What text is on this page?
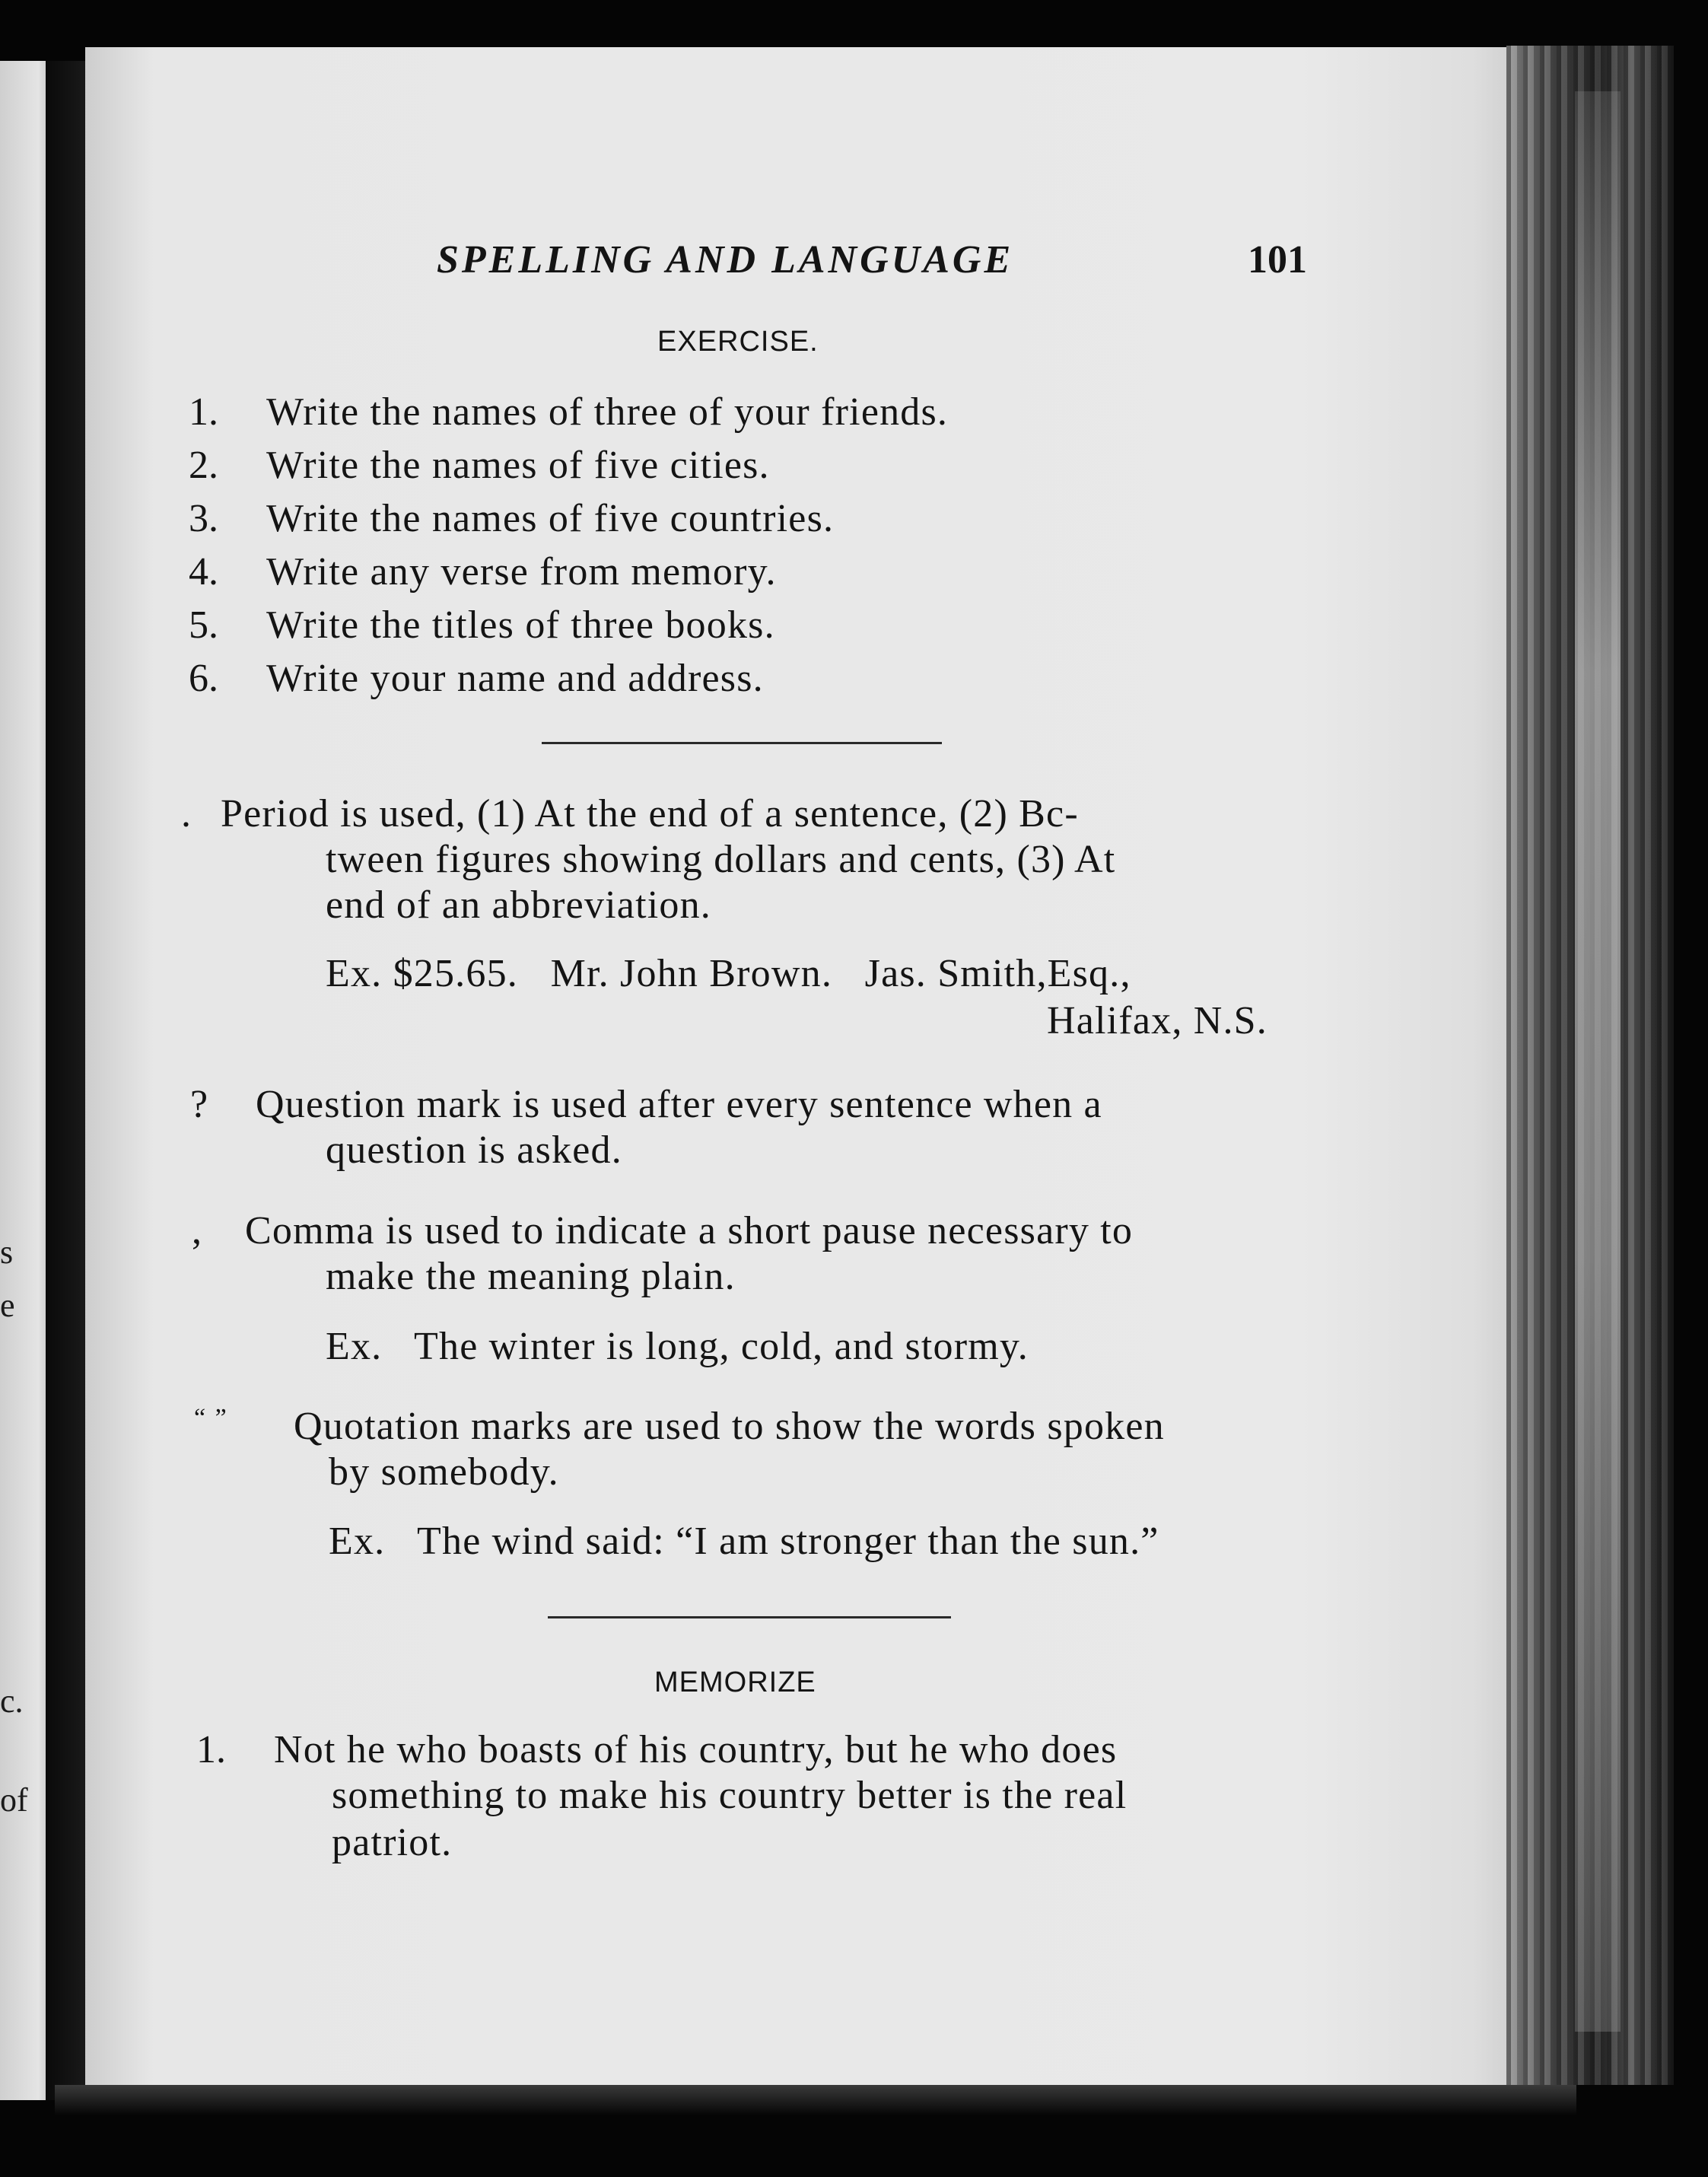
s
e
c.
of
SPELLING AND LANGUAGE	101
EXERCISE.
1. Write the names of three of your friends.
2. Write the names of five cities.
3. Write the names of five countries.
4. Write any verse from memory.
5. Write the titles of three books.
6. Write your name and address.
. Period is used, (1) At the end of a sentence, (2) Bc-
tween figures showing dollars and cents, (3) At
end of an abbreviation.
Ex. $25.65.   Mr. John Brown.   Jas. Smith,Esq.,
Halifax, N.S.
? Question mark is used after every sentence when a
question is asked.
, Comma is used to indicate a short pause necessary to
make the meaning plain.
Ex.   The winter is long, cold, and stormy.
“ ” Quotation marks are used to show the words spoken
by somebody.
Ex.   The wind said: “I am stronger than the sun.”
MEMORIZE
1. Not he who boasts of his country, but he who does
something to make his country better is the real
patriot.
